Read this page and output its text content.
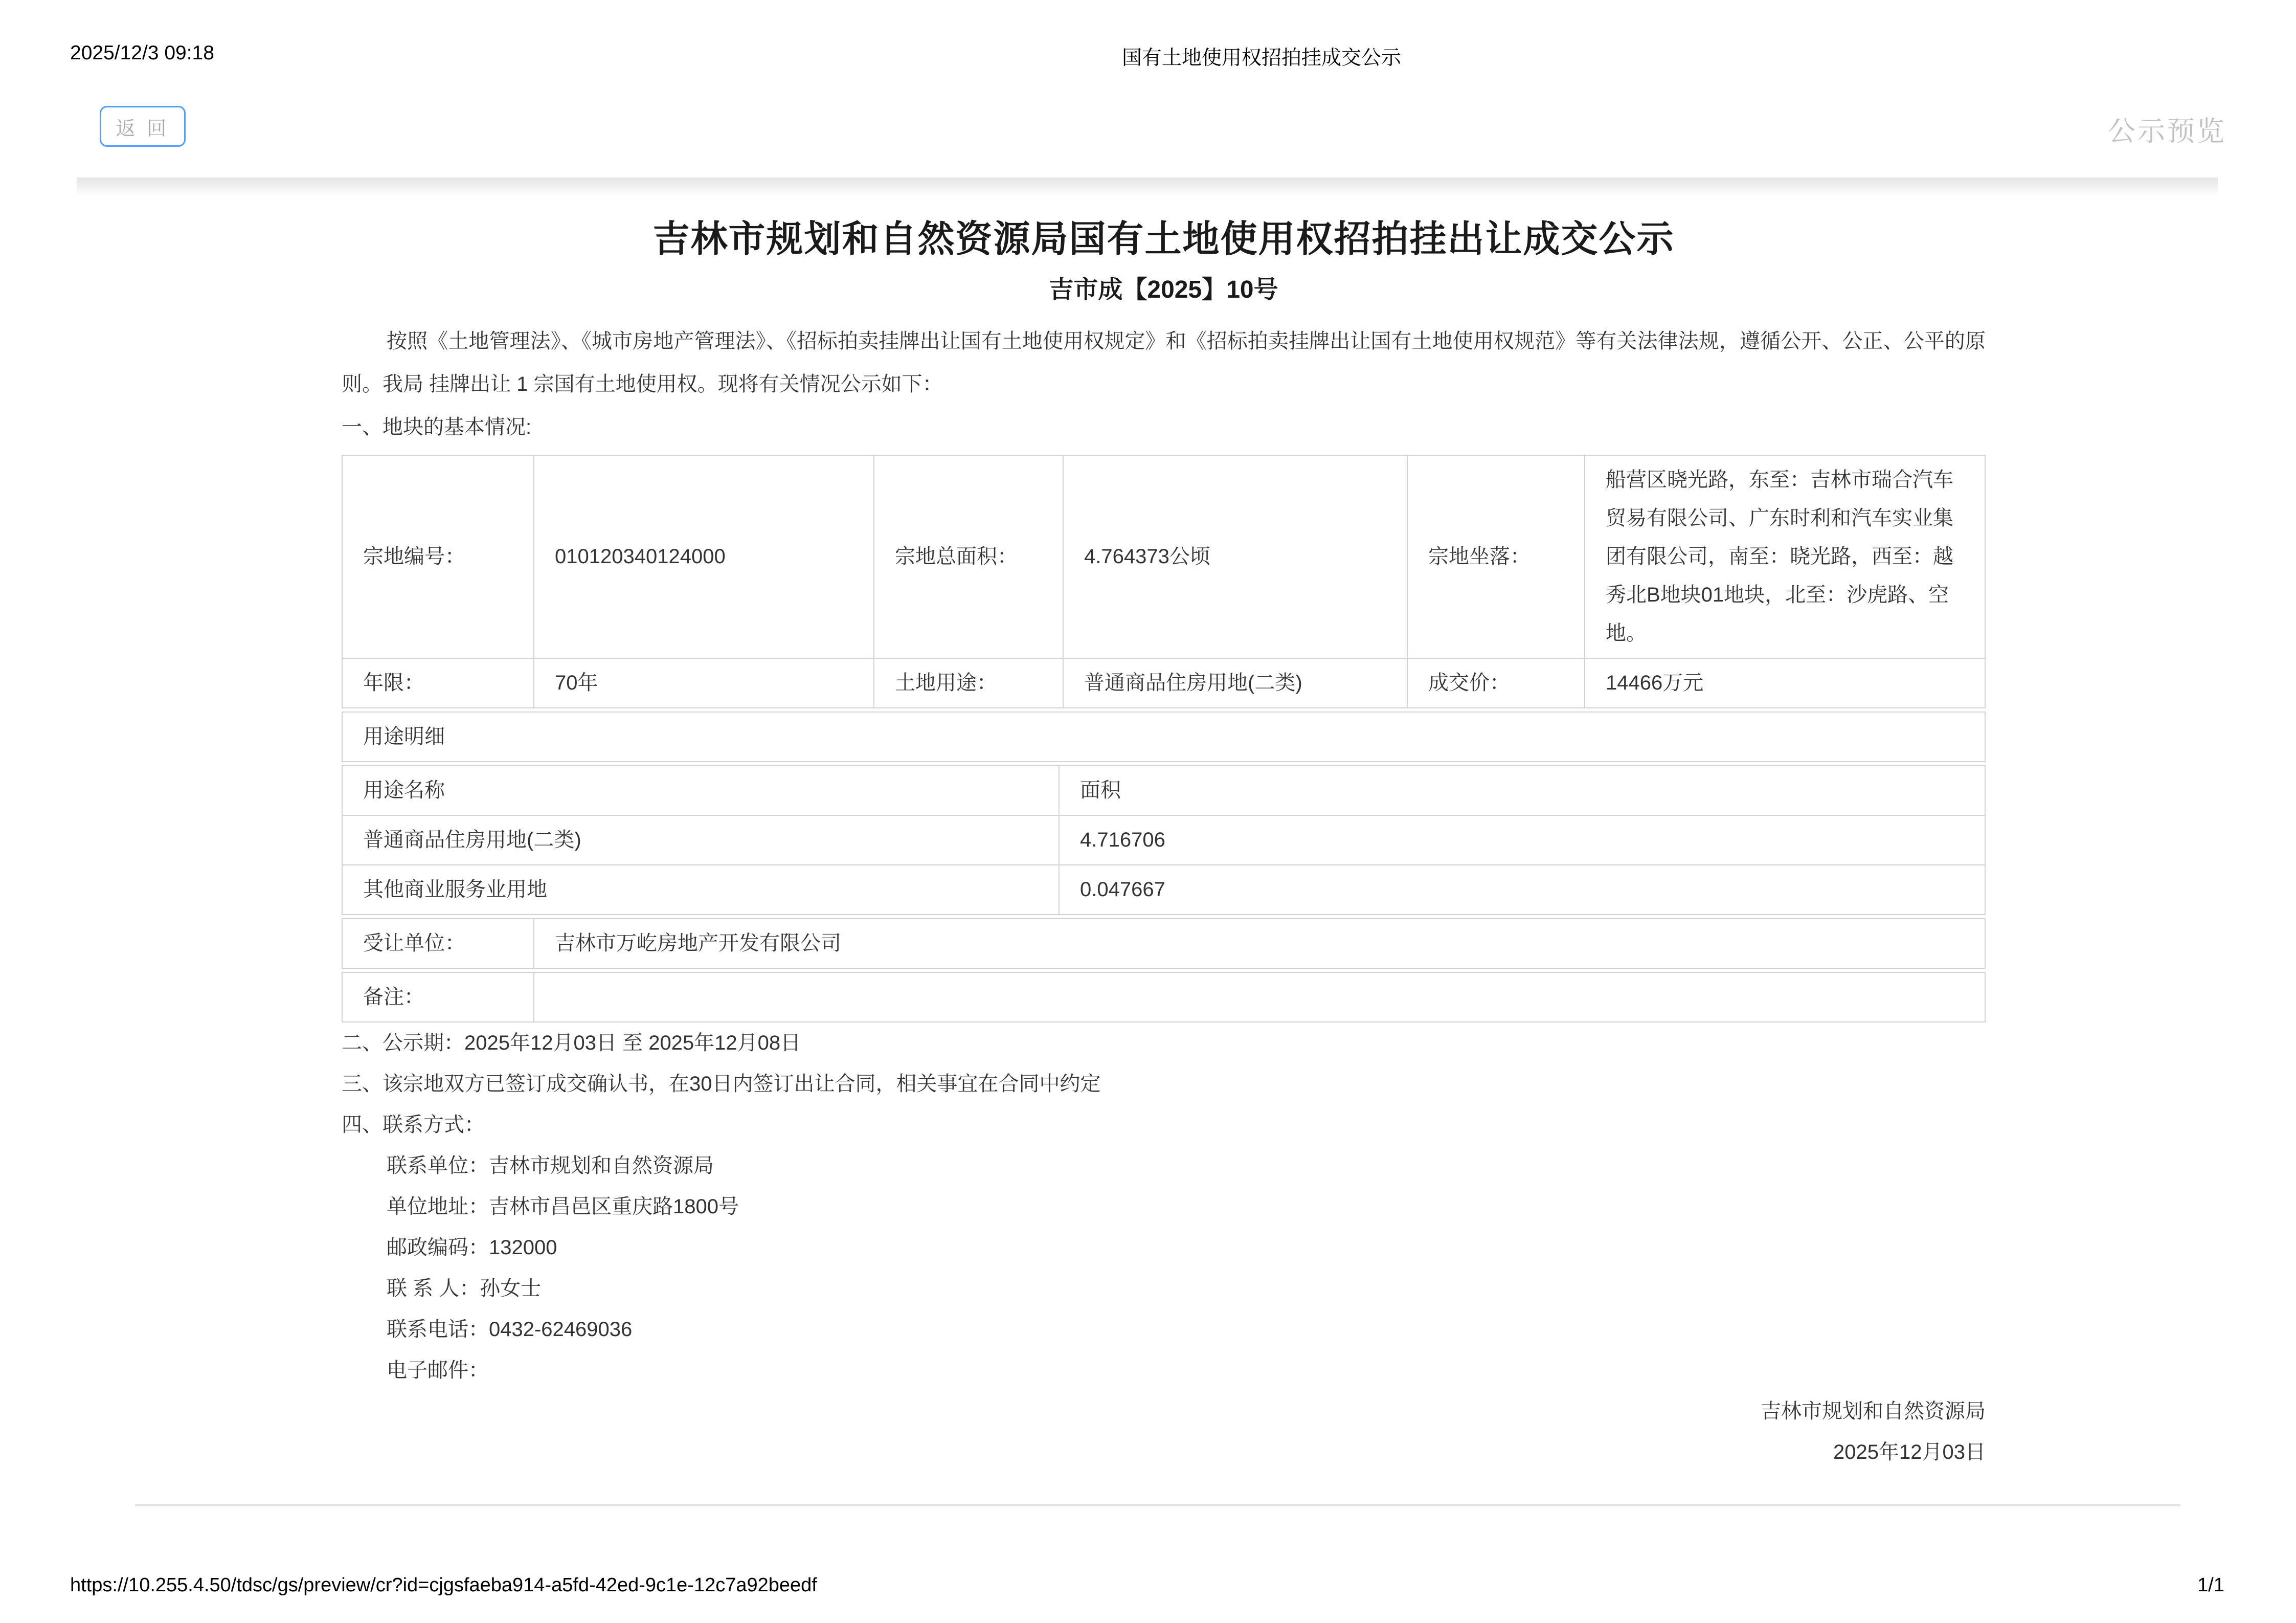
2025/12/3 09:18	国有土地使用权招拍挂成交公示
返 回	公示预览
吉林市规划和自然资源局国有土地使用权招拍挂出让成交公示
吉市成【2025】10号

按照《土地管理法》、《城市房地产管理法》、《招标拍卖挂牌出让国有土地使用权规定》和《招标拍卖挂牌出让国有土地使用权规范》等有关法律法规，遵循公开、公正、公平的原则。我局 挂牌出让 1 宗国有土地使用权。现将有关情况公示如下：

一、地块的基本情况:
宗地编号：	010120340124000	宗地总面积：	4.764373公顷	宗地坐落：	船营区晓光路，东至：吉林市瑞合汽车贸易有限公司、广东时利和汽车实业集团有限公司，南至：晓光路，西至：越秀北B地块01地块，北至：沙虎路、空地。
年限：	70年	土地用途：	普通商品住房用地(二类)	成交价：	14466万元
用途明细
用途名称	面积
普通商品住房用地(二类)	4.716706
其他商业服务业用地	0.047667
受让单位：	吉林市万屹房地产开发有限公司
备注：	
二、公示期：2025年12月03日 至 2025年12月08日
三、该宗地双方已签订成交确认书，在30日内签订出让合同，相关事宜在合同中约定
四、联系方式：
联系单位：吉林市规划和自然资源局
单位地址：吉林市昌邑区重庆路1800号
邮政编码：132000
联 系 人：孙女士
联系电话：0432-62469036
电子邮件：
吉林市规划和自然资源局
2025年12月03日
https://10.255.4.50/tdsc/gs/preview/cr?id=cjgsfaeba914-a5fd-42ed-9c1e-12c7a92beedf	1/1
